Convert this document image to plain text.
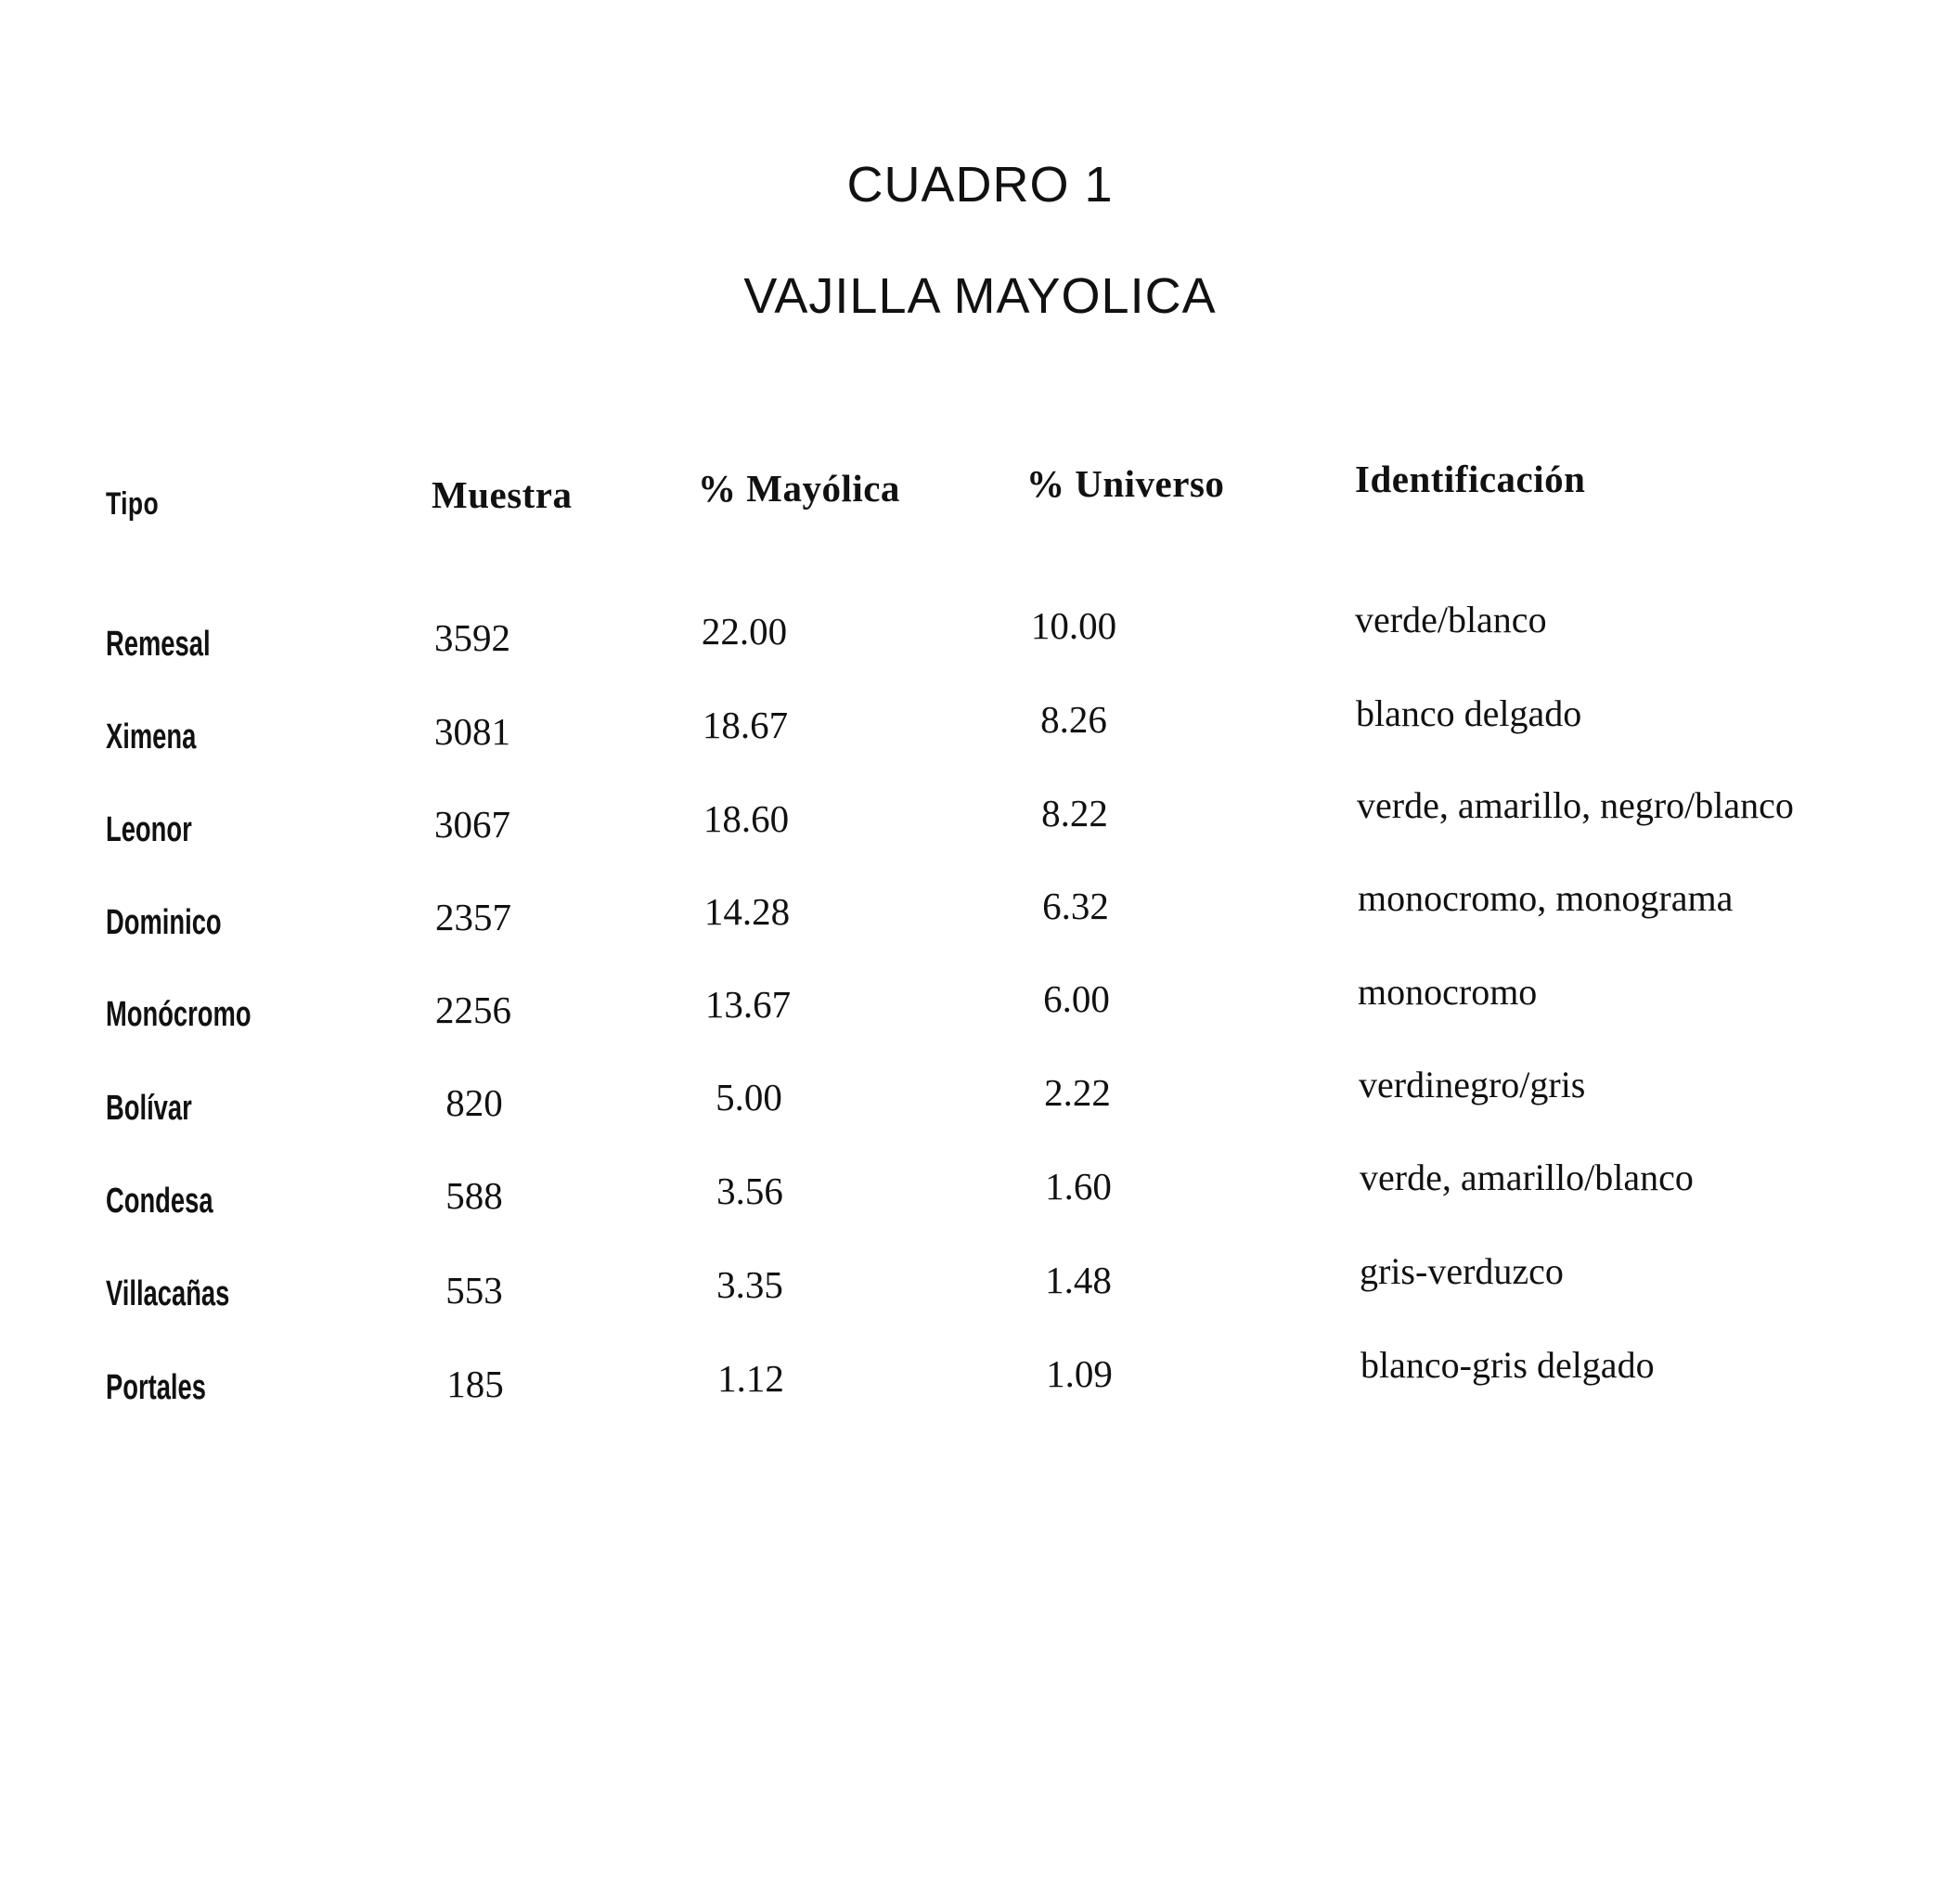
CUADRO 1
VAJILLA MAYOLICA
Tipo	Muestra	% Mayólica	% Universo	Identificación
Remesal	3592	22.00	10.00	verde/blanco
Ximena	3081	18.67	8.26	blanco delgado
Leonor	3067	18.60	8.22	verde, amarillo, negro/blanco
Dominico	2357	14.28	6.32	monocromo, monograma
Monócromo	2256	13.67	6.00	monocromo
Bolívar	820	5.00	2.22	verdinegro/gris
Condesa	588	3.56	1.60	verde, amarillo/blanco
Villacañas	553	3.35	1.48	gris-verduzco
Portales	185	1.12	1.09	blanco-gris delgado
